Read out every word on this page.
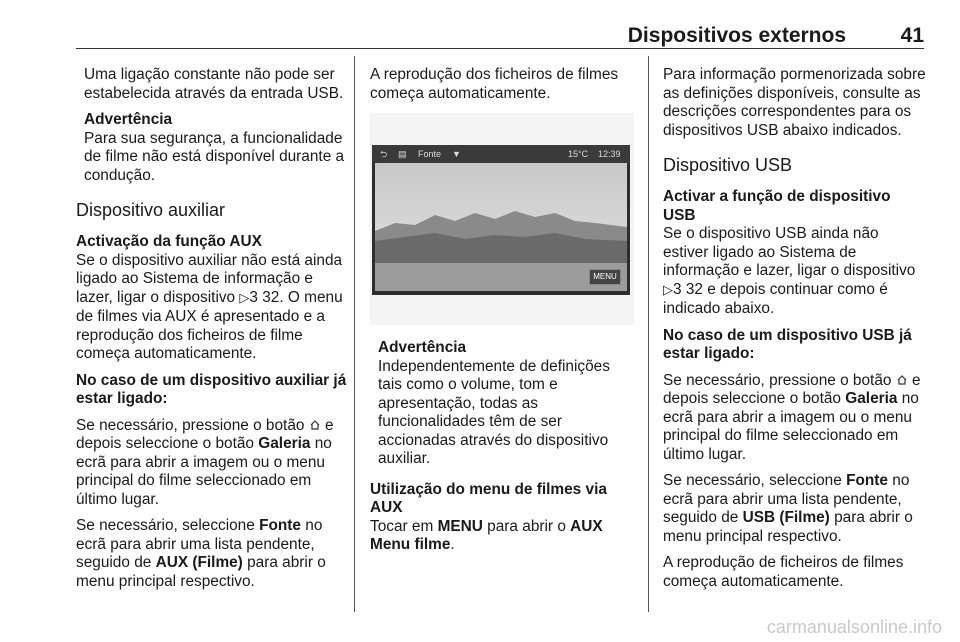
Dispositivos externos	41

Uma ligação constante não pode ser estabelecida através da entrada USB.

Advertência
Para sua segurança, a funcionalidade de filme não está disponível durante a condução.
Dispositivo auxiliar
Activação da função AUX

Se o dispositivo auxiliar não está ainda ligado ao Sistema de informação e lazer, ligar o dispositivo ▷3 32. O menu de filmes via AUX é apresentado e a reprodução dos ficheiros de filme começa automaticamente.

No caso de um dispositivo auxiliar já estar ligado:

Se necessário, pressione o botão  e depois seleccione o botão Galeria no ecrã para abrir a imagem ou o menu principal do filme seleccionado em último lugar.

Se necessário, seleccione Fonte no ecrã para abrir uma lista pendente, seguido de AUX (Filme) para abrir o menu principal respectivo.

A reprodução dos ficheiros de filmes começa automaticamente.

⮌ ▤ Fonte ▼	15°C 12:39
MENU
Advertência
Independentemente de definições tais como o volume, tom e apresentação, todas as funcionalidades têm de ser accionadas através do dispositivo auxiliar.
Utilização do menu de filmes via AUX

Tocar em MENU para abrir o AUX Menu filme.

Para informação pormenorizada sobre as definições disponíveis, consulte as descrições correspondentes para os dispositivos USB abaixo indicados.

Dispositivo USB
Activar a função de dispositivo USB

Se o dispositivo USB ainda não estiver ligado ao Sistema de informação e lazer, ligar o dispositivo ▷3 32 e depois continuar como é indicado abaixo.

No caso de um dispositivo USB já estar ligado:

Se necessário, pressione o botão  e depois seleccione o botão Galeria no ecrã para abrir a imagem ou o menu principal do filme seleccionado em último lugar.

Se necessário, seleccione Fonte no ecrã para abrir uma lista pendente, seguido de USB (Filme) para abrir o menu principal respectivo.

A reprodução de ficheiros de filmes começa automaticamente.

carmanualsonline.info
